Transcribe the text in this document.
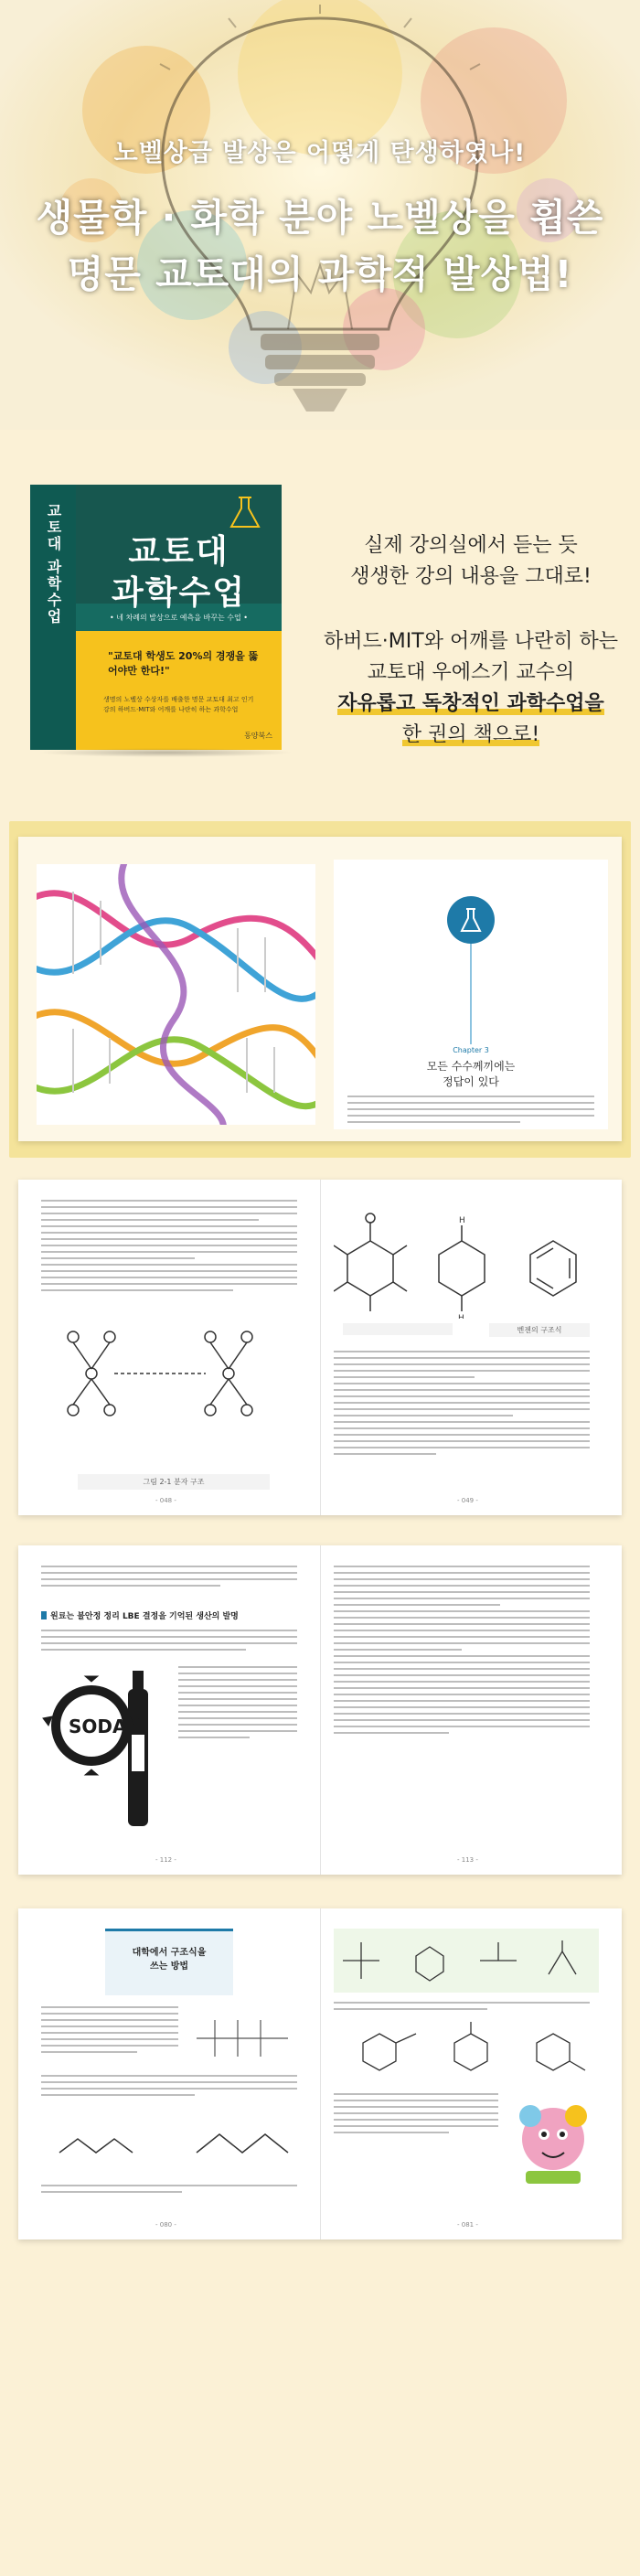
노벨상급 발상은 어떻게 탄생하였나!
생물학 · 화학 분야 노벨상을 휩쓴
명문 교토대의 과학적 발상법!
교토대 과학수업	교토대
과학수업
• 네 차례의 발상으로 예측을 바꾸는 수업 •
"교토대 학생도 20%의 경쟁을 뚫어야만 한다!"
생명의 노벨상 수상자를 배출한 명문 교토대 최고 인기 강의 하버드·MIT와 어깨를 나란히 하는 과학수업
동양북스
실제 강의실에서 듣는 듯
생생한 강의 내용을 그대로!
하버드·MIT와 어깨를 나란히 하는
교토대 우에스기 교수의
자유롭고 독창적인 과학수업을
한 권의 책으로!
Chapter 3
모든 수수께끼에는
정답이 있다
그림 2-1 분자 구조
H
H

벤젠의 구조식
- 048 -	- 049 -
원료는 불안정 정리 LBE 결정을 기억된 생산의 발명
SODA
- 112 -	- 113 -
대학에서 구조식을
쓰는 방법
- 080 -	- 081 -
